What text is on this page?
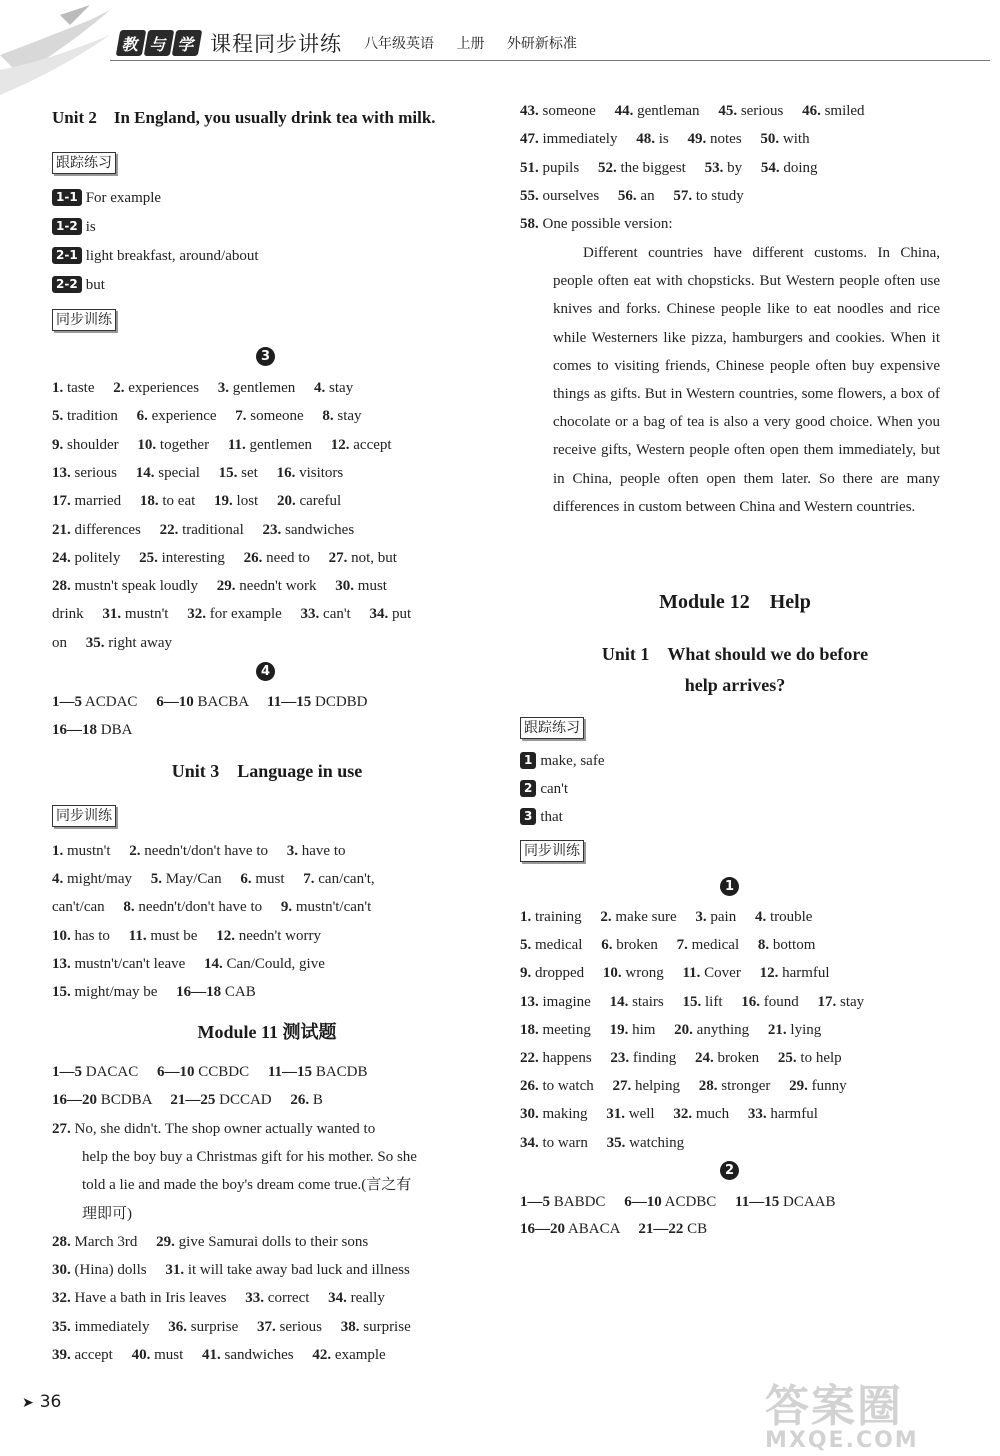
教 与 学 课程同步讲练 八年级英语 上册 外研新标准
Unit 2　In England, you usually drink tea with milk.
跟踪练习
1-1 For example
1-2 is
2-1 light breakfast, around/about
2-2 but
同步训练
3
4
Unit 3　Language in use
同步训练
Module 11 测试题
1. taste  2. experiences  3. gentlemen  4. stay
5. tradition  6. experience  7. someone  8. stay
9. shoulder  10. together  11. gentlemen  12. accept
13. serious  14. special  15. set  16. visitors
17. married  18. to eat  19. lost  20. careful
21. differences  22. traditional  23. sandwiches
24. politely  25. interesting  26. need to  27. not, but
28. mustn't speak loudly  29. needn't work  30. must
drink  31. mustn't  32. for example  33. can't  34. put
on  35. right away
1—5 ACDAC  6—10 BACBA  11—15 DCDBD
16—18 DBA
1. mustn't  2. needn't/don't have to  3. have to
4. might/may  5. May/Can  6. must  7. can/can't,
can't/can  8. needn't/don't have to  9. mustn't/can't
10. has to  11. must be  12. needn't worry
13. mustn't/can't leave  14. Can/Could, give
15. might/may be  16—18 CAB
1—5 DACAC  6—10 CCBDC  11—15 BACDB
16—20 BCDBA  21—25 DCCAD  26. B
27. No, she didn't. The shop owner actually wanted to
  help the boy buy a Christmas gift for his mother. So she
  told a lie and made the boy's dream come true.(言之有
  理即可)
28. March 3rd  29. give Samurai dolls to their sons
30. (Hina) dolls  31. it will take away bad luck and illness
32. Have a bath in Iris leaves  33. correct  34. really
35. immediately  36. surprise  37. serious  38. surprise
39. accept  40. must  41. sandwiches  42. example
Different countries have different customs. In China, people often eat with chopsticks. But Western people often use knives and forks. Chinese people like to eat noodles and rice while Westerners like pizza, hamburgers and cookies. When it comes to visiting friends, Chinese people often buy expensive things as gifts. But in Western countries, some flowers, a box of chocolate or a bag of tea is also a very good choice. When you receive gifts, Western people often open them immediately, but in China, people often open them later. So there are many differences in custom between China and Western countries.
Module 12　Help
Unit 1　What should we do before
help arrives?
跟踪练习
1 make, safe
2 can't
3 that
同步训练
1
2
43. someone  44. gentleman  45. serious  46. smiled
47. immediately  48. is  49. notes  50. with
51. pupils  52. the biggest  53. by  54. doing
55. ourselves  56. an  57. to study
58. One possible version:
1. training  2. make sure  3. pain  4. trouble
5. medical  6. broken  7. medical  8. bottom
9. dropped  10. wrong  11. Cover  12. harmful
13. imagine  14. stairs  15. lift  16. found  17. stay
18. meeting  19. him  20. anything  21. lying
22. happens  23. finding  24. broken  25. to help
26. to watch  27. helping  28. stronger  29. funny
30. making  31. well  32. much  33. harmful
34. to warn  35. watching
1—5 BABDC  6—10 ACDBC  11—15 DCAAB
16—20 ABACA  21—22 CB
➤ 36	答案圈
MXQE.COM
